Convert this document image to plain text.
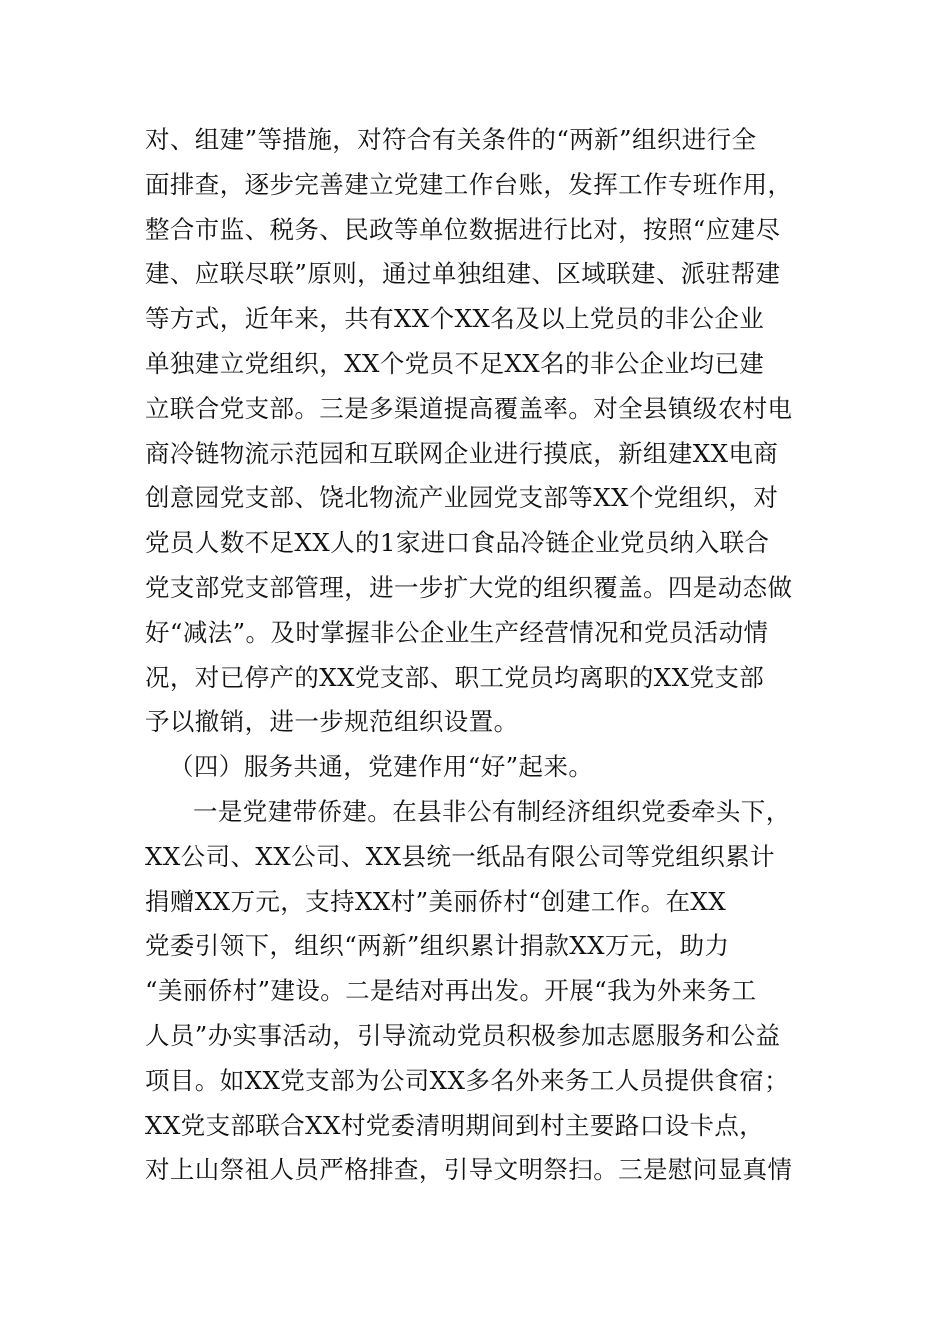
对、组建”等措施，对符合有关条件的“两新”组织进行全
面排查，逐步完善建立党建工作台账，发挥工作专班作用，
整合市监、税务、民政等单位数据进行比对，按照“应建尽
建、应联尽联”原则，通过单独组建、区域联建、派驻帮建
等方式，近年来，共有XX个XX名及以上党员的非公企业
单独建立党组织，XX个党员不足XX名的非公企业均已建
立联合党支部。三是多渠道提高覆盖率。对全县镇级农村电
商冷链物流示范园和互联网企业进行摸底，新组建XX电商
创意园党支部、饶北物流产业园党支部等XX个党组织，对
党员人数不足XX人的1家进口食品冷链企业党员纳入联合
党支部党支部管理，进一步扩大党的组织覆盖。四是动态做
好“减法”。及时掌握非公企业生产经营情况和党员活动情
况，对已停产的XX党支部、职工党员均离职的XX党支部
予以撤销，进一步规范组织设置。
（四）服务共通，党建作用“好”起来。
一是党建带侨建。在县非公有制经济组织党委牵头下，
XX公司、XX公司、XX县统一纸品有限公司等党组织累计
捐赠XX万元，支持XX村”美丽侨村“创建工作。在XX
党委引领下，组织“两新”组织累计捐款XX万元，助力
“美丽侨村”建设。二是结对再出发。开展“我为外来务工
人员”办实事活动，引导流动党员积极参加志愿服务和公益
项目。如XX党支部为公司XX多名外来务工人员提供食宿；
XX党支部联合XX村党委清明期间到村主要路口设卡点，
对上山祭祖人员严格排查，引导文明祭扫。三是慰问显真情
